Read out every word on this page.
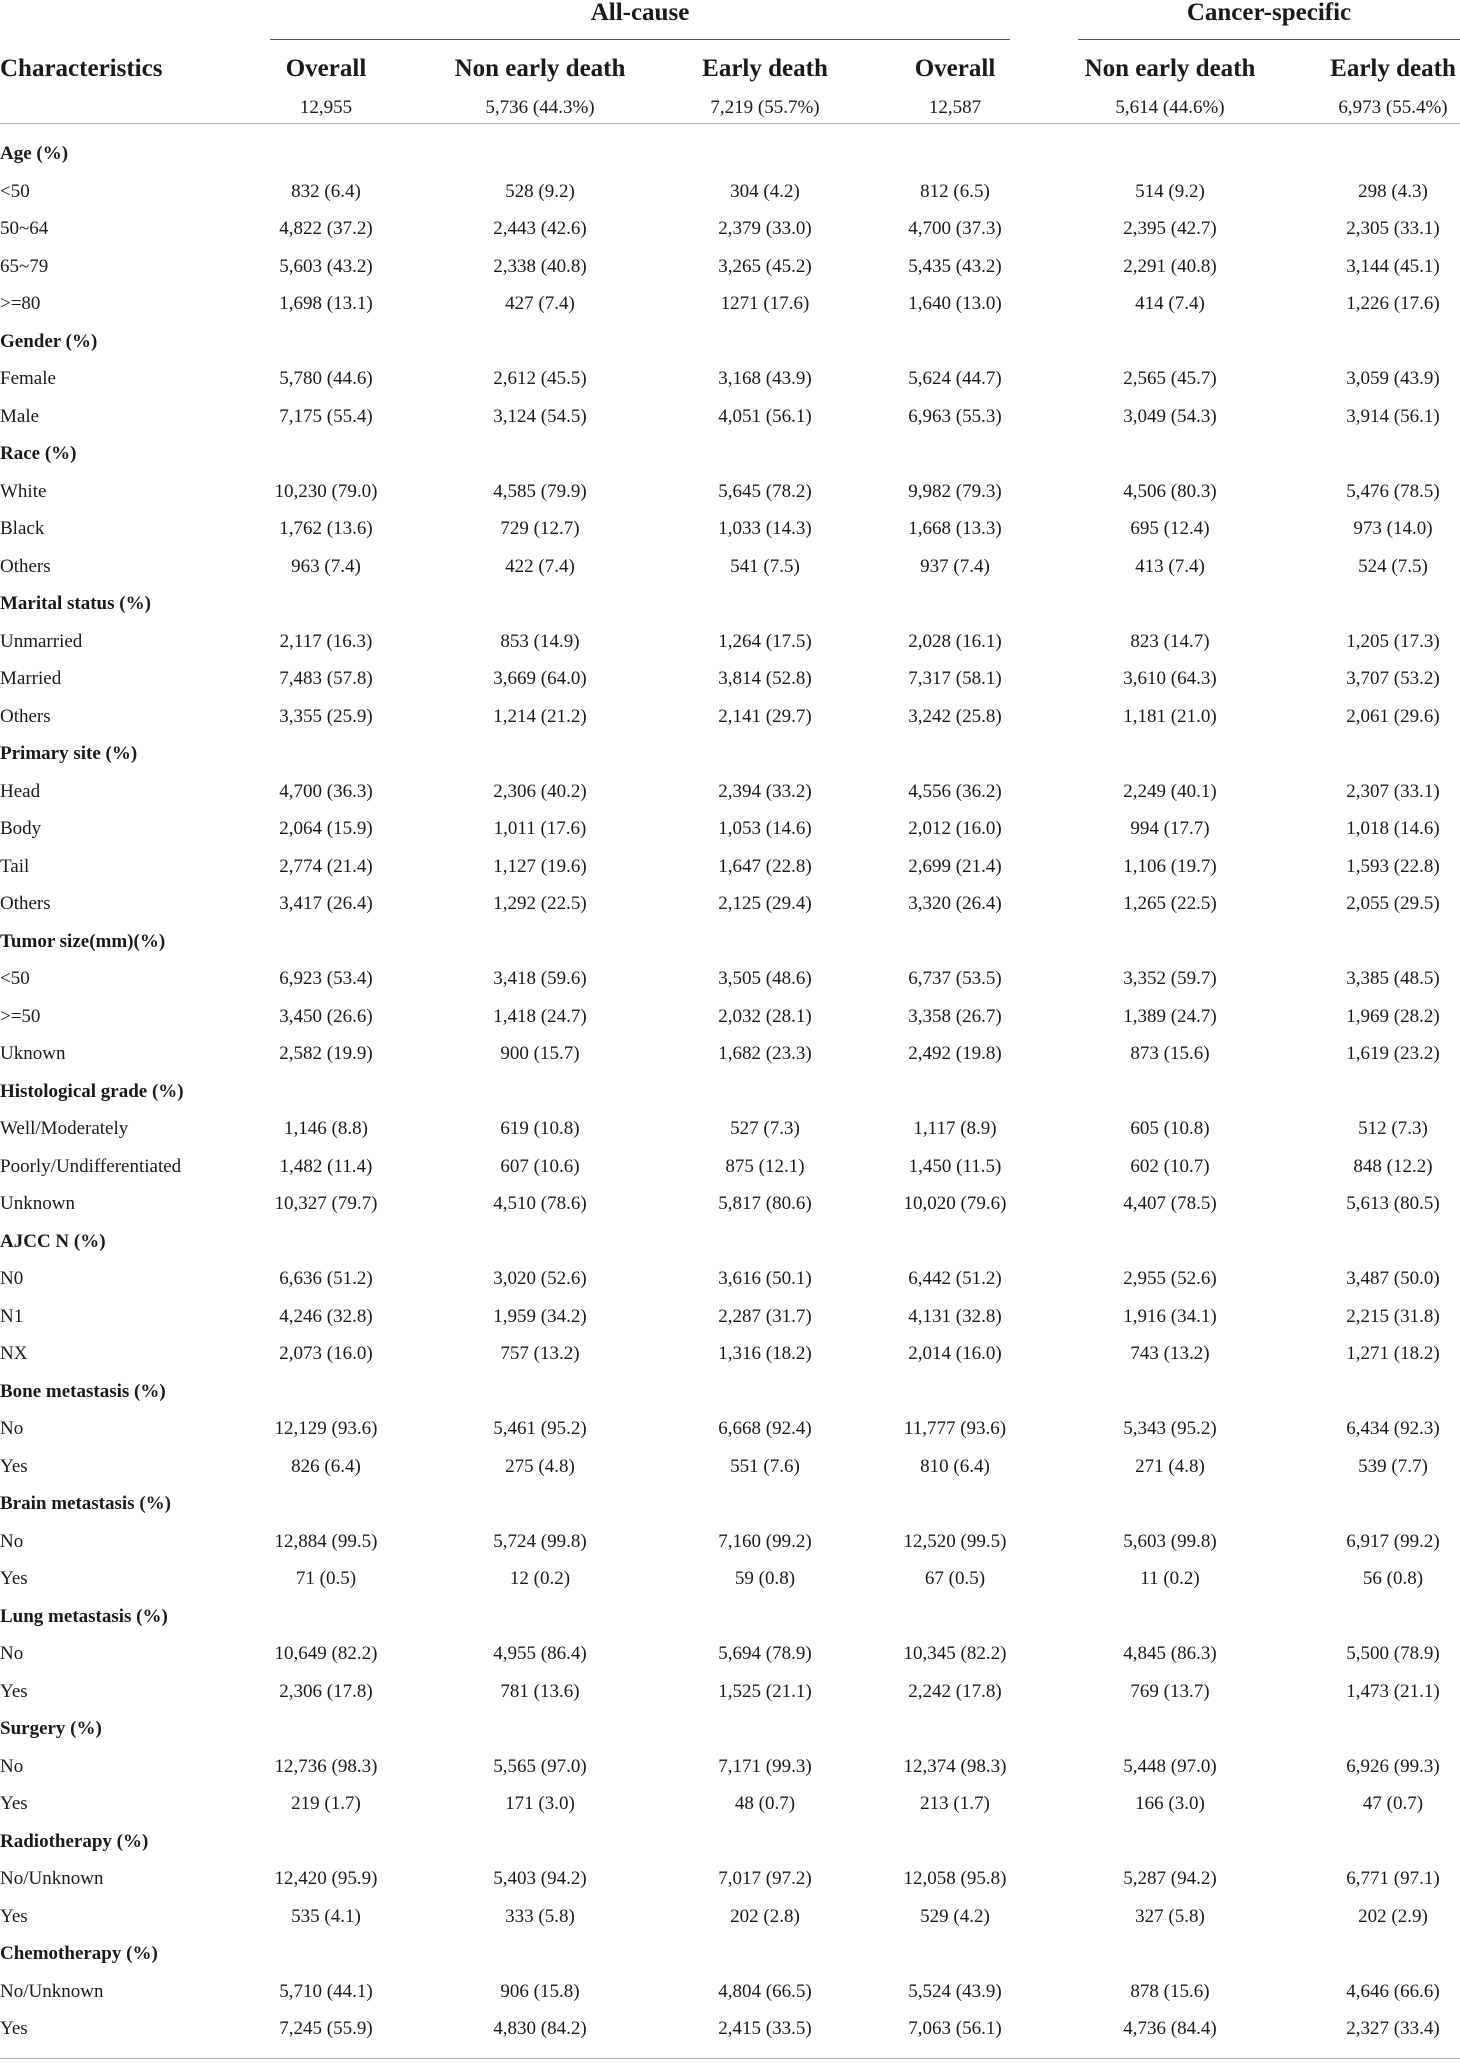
All-cause	Cancer-specific
Characteristics	Overall	Non early death	Early death	Overall	Non early death	Early death
12,955	5,736 (44.3%)	7,219 (55.7%)	12,587	5,614 (44.6%)	6,973 (55.4%)
Age (%)
<50	832 (6.4)	528 (9.2)	304 (4.2)	812 (6.5)	514 (9.2)	298 (4.3)
50~64	4,822 (37.2)	2,443 (42.6)	2,379 (33.0)	4,700 (37.3)	2,395 (42.7)	2,305 (33.1)
65~79	5,603 (43.2)	2,338 (40.8)	3,265 (45.2)	5,435 (43.2)	2,291 (40.8)	3,144 (45.1)
>=80	1,698 (13.1)	427 (7.4)	1271 (17.6)	1,640 (13.0)	414 (7.4)	1,226 (17.6)
Gender (%)
Female	5,780 (44.6)	2,612 (45.5)	3,168 (43.9)	5,624 (44.7)	2,565 (45.7)	3,059 (43.9)
Male	7,175 (55.4)	3,124 (54.5)	4,051 (56.1)	6,963 (55.3)	3,049 (54.3)	3,914 (56.1)
Race (%)
White	10,230 (79.0)	4,585 (79.9)	5,645 (78.2)	9,982 (79.3)	4,506 (80.3)	5,476 (78.5)
Black	1,762 (13.6)	729 (12.7)	1,033 (14.3)	1,668 (13.3)	695 (12.4)	973 (14.0)
Others	963 (7.4)	422 (7.4)	541 (7.5)	937 (7.4)	413 (7.4)	524 (7.5)
Marital status (%)
Unmarried	2,117 (16.3)	853 (14.9)	1,264 (17.5)	2,028 (16.1)	823 (14.7)	1,205 (17.3)
Married	7,483 (57.8)	3,669 (64.0)	3,814 (52.8)	7,317 (58.1)	3,610 (64.3)	3,707 (53.2)
Others	3,355 (25.9)	1,214 (21.2)	2,141 (29.7)	3,242 (25.8)	1,181 (21.0)	2,061 (29.6)
Primary site (%)
Head	4,700 (36.3)	2,306 (40.2)	2,394 (33.2)	4,556 (36.2)	2,249 (40.1)	2,307 (33.1)
Body	2,064 (15.9)	1,011 (17.6)	1,053 (14.6)	2,012 (16.0)	994 (17.7)	1,018 (14.6)
Tail	2,774 (21.4)	1,127 (19.6)	1,647 (22.8)	2,699 (21.4)	1,106 (19.7)	1,593 (22.8)
Others	3,417 (26.4)	1,292 (22.5)	2,125 (29.4)	3,320 (26.4)	1,265 (22.5)	2,055 (29.5)
Tumor size(mm)(%)
<50	6,923 (53.4)	3,418 (59.6)	3,505 (48.6)	6,737 (53.5)	3,352 (59.7)	3,385 (48.5)
>=50	3,450 (26.6)	1,418 (24.7)	2,032 (28.1)	3,358 (26.7)	1,389 (24.7)	1,969 (28.2)
Uknown	2,582 (19.9)	900 (15.7)	1,682 (23.3)	2,492 (19.8)	873 (15.6)	1,619 (23.2)
Histological grade (%)
Well/Moderately	1,146 (8.8)	619 (10.8)	527 (7.3)	1,117 (8.9)	605 (10.8)	512 (7.3)
Poorly/Undifferentiated	1,482 (11.4)	607 (10.6)	875 (12.1)	1,450 (11.5)	602 (10.7)	848 (12.2)
Unknown	10,327 (79.7)	4,510 (78.6)	5,817 (80.6)	10,020 (79.6)	4,407 (78.5)	5,613 (80.5)
AJCC N (%)
N0	6,636 (51.2)	3,020 (52.6)	3,616 (50.1)	6,442 (51.2)	2,955 (52.6)	3,487 (50.0)
N1	4,246 (32.8)	1,959 (34.2)	2,287 (31.7)	4,131 (32.8)	1,916 (34.1)	2,215 (31.8)
NX	2,073 (16.0)	757 (13.2)	1,316 (18.2)	2,014 (16.0)	743 (13.2)	1,271 (18.2)
Bone metastasis (%)
No	12,129 (93.6)	5,461 (95.2)	6,668 (92.4)	11,777 (93.6)	5,343 (95.2)	6,434 (92.3)
Yes	826 (6.4)	275 (4.8)	551 (7.6)	810 (6.4)	271 (4.8)	539 (7.7)
Brain metastasis (%)
No	12,884 (99.5)	5,724 (99.8)	7,160 (99.2)	12,520 (99.5)	5,603 (99.8)	6,917 (99.2)
Yes	71 (0.5)	12 (0.2)	59 (0.8)	67 (0.5)	11 (0.2)	56 (0.8)
Lung metastasis (%)
No	10,649 (82.2)	4,955 (86.4)	5,694 (78.9)	10,345 (82.2)	4,845 (86.3)	5,500 (78.9)
Yes	2,306 (17.8)	781 (13.6)	1,525 (21.1)	2,242 (17.8)	769 (13.7)	1,473 (21.1)
Surgery (%)
No	12,736 (98.3)	5,565 (97.0)	7,171 (99.3)	12,374 (98.3)	5,448 (97.0)	6,926 (99.3)
Yes	219 (1.7)	171 (3.0)	48 (0.7)	213 (1.7)	166 (3.0)	47 (0.7)
Radiotherapy (%)
No/Unknown	12,420 (95.9)	5,403 (94.2)	7,017 (97.2)	12,058 (95.8)	5,287 (94.2)	6,771 (97.1)
Yes	535 (4.1)	333 (5.8)	202 (2.8)	529 (4.2)	327 (5.8)	202 (2.9)
Chemotherapy (%)
No/Unknown	5,710 (44.1)	906 (15.8)	4,804 (66.5)	5,524 (43.9)	878 (15.6)	4,646 (66.6)
Yes	7,245 (55.9)	4,830 (84.2)	2,415 (33.5)	7,063 (56.1)	4,736 (84.4)	2,327 (33.4)
